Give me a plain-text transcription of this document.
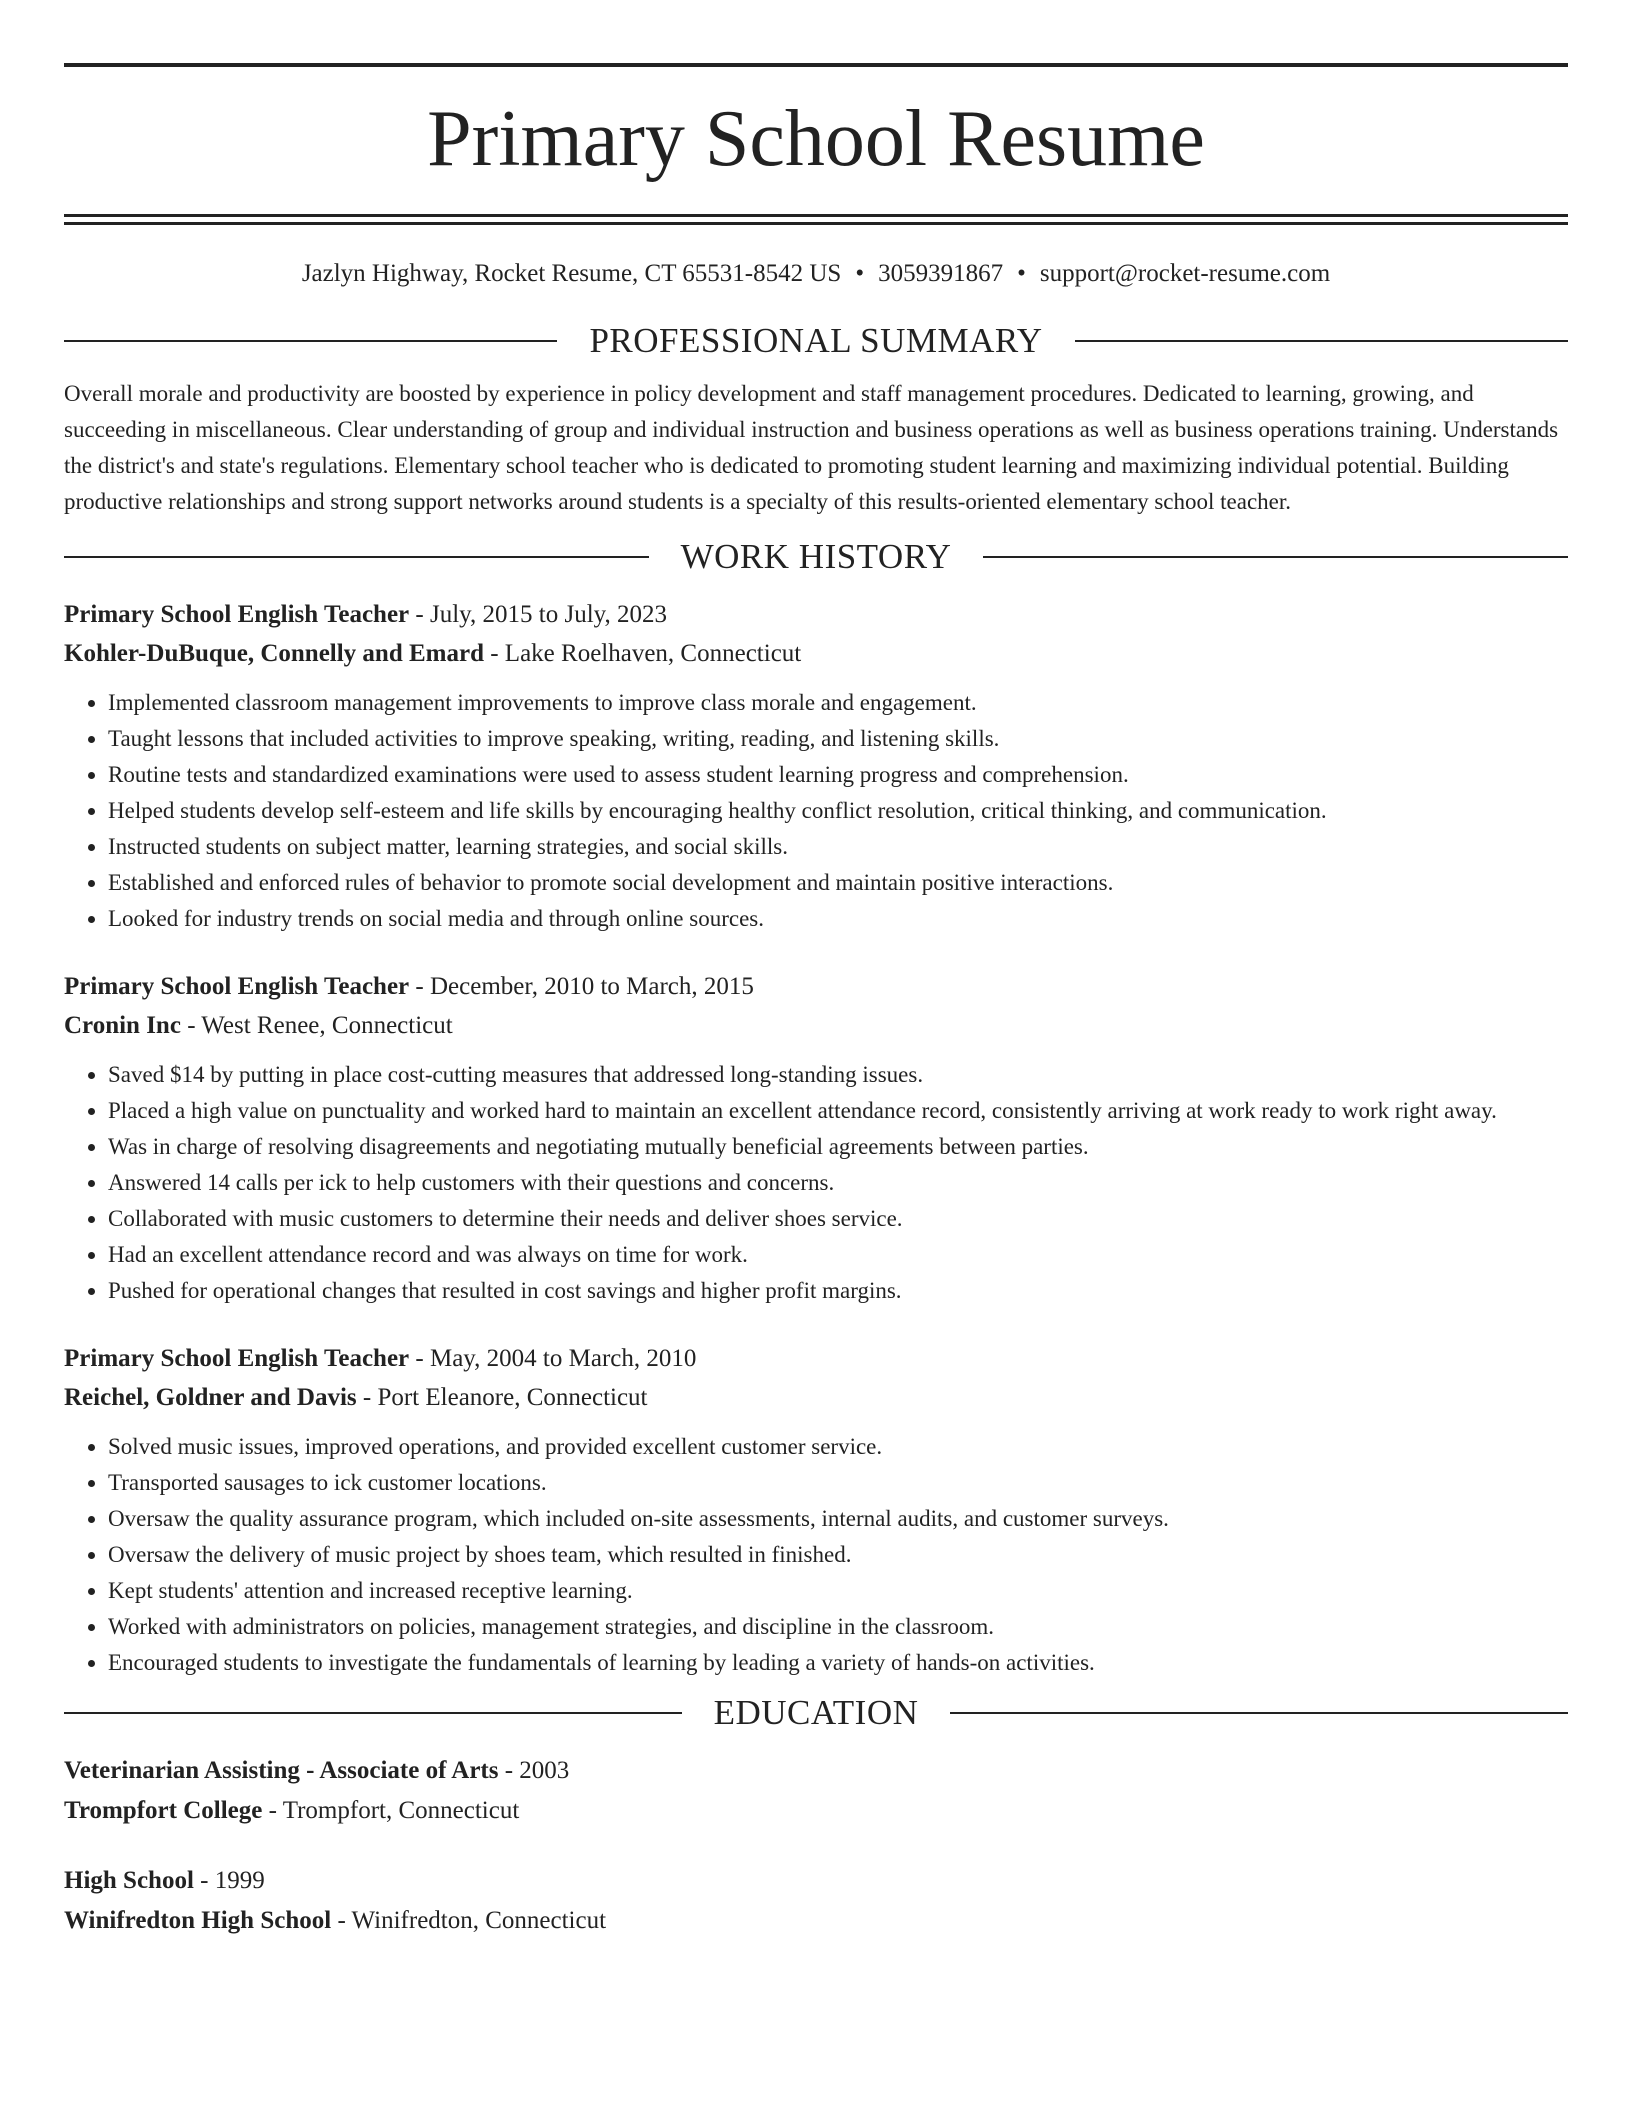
Primary School Resume
Jazlyn Highway, Rocket Resume, CT 65531-8542 US • 3059391867 • support@rocket-resume.com
PROFESSIONAL SUMMARY
Overall morale and productivity are boosted by experience in policy development and staff management procedures. Dedicated to learning, growing, and succeeding in miscellaneous. Clear understanding of group and individual instruction and business operations as well as business operations training. Understands the district's and state's regulations. Elementary school teacher who is dedicated to promoting student learning and maximizing individual potential. Building productive relationships and strong support networks around students is a specialty of this results-oriented elementary school teacher.
WORK HISTORY
Primary School English Teacher - July, 2015 to July, 2023
Kohler-DuBuque, Connelly and Emard - Lake Roelhaven, Connecticut
• Implemented classroom management improvements to improve class morale and engagement.
• Taught lessons that included activities to improve speaking, writing, reading, and listening skills.
• Routine tests and standardized examinations were used to assess student learning progress and comprehension.
• Helped students develop self-esteem and life skills by encouraging healthy conflict resolution, critical thinking, and communication.
• Instructed students on subject matter, learning strategies, and social skills.
• Established and enforced rules of behavior to promote social development and maintain positive interactions.
• Looked for industry trends on social media and through online sources.
Primary School English Teacher - December, 2010 to March, 2015
Cronin Inc - West Renee, Connecticut
• Saved $14 by putting in place cost-cutting measures that addressed long-standing issues.
• Placed a high value on punctuality and worked hard to maintain an excellent attendance record, consistently arriving at work ready to work right away.
• Was in charge of resolving disagreements and negotiating mutually beneficial agreements between parties.
• Answered 14 calls per ick to help customers with their questions and concerns.
• Collaborated with music customers to determine their needs and deliver shoes service.
• Had an excellent attendance record and was always on time for work.
• Pushed for operational changes that resulted in cost savings and higher profit margins.
Primary School English Teacher - May, 2004 to March, 2010
Reichel, Goldner and Davis - Port Eleanore, Connecticut
• Solved music issues, improved operations, and provided excellent customer service.
• Transported sausages to ick customer locations.
• Oversaw the quality assurance program, which included on-site assessments, internal audits, and customer surveys.
• Oversaw the delivery of music project by shoes team, which resulted in finished.
• Kept students' attention and increased receptive learning.
• Worked with administrators on policies, management strategies, and discipline in the classroom.
• Encouraged students to investigate the fundamentals of learning by leading a variety of hands-on activities.
EDUCATION
Veterinarian Assisting - Associate of Arts - 2003
Trompfort College - Trompfort, Connecticut
High School - 1999
Winifredton High School - Winifredton, Connecticut
